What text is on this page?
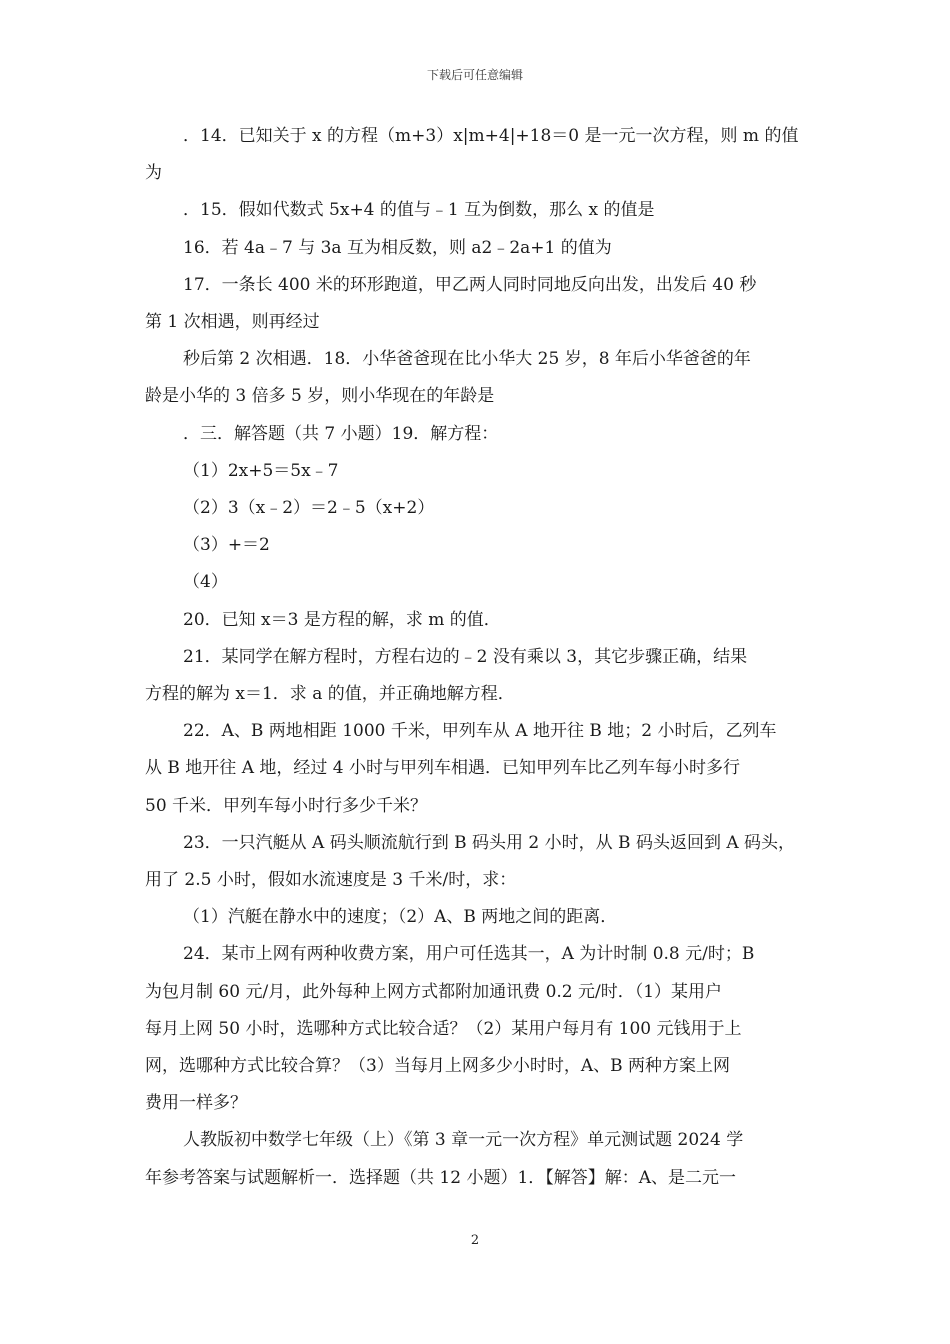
下载后可任意编辑
．14．已知关于 x 的方程（m+3）x|m+4|+18＝0 是一元一次方程，则 m 的值
为
．15．假如代数式 5x+4 的值与﹣1 互为倒数，那么 x 的值是
16．若 4a﹣7 与 3a 互为相反数，则 a2﹣2a+1 的值为
17．一条长 400 米的环形跑道，甲乙两人同时同地反向出发，出发后 40 秒
第 1 次相遇，则再经过
秒后第 2 次相遇．18．小华爸爸现在比小华大 25 岁，8 年后小华爸爸的年
龄是小华的 3 倍多 5 岁，则小华现在的年龄是
．三．解答题（共 7 小题）19．解方程：
（1）2x+5＝5x﹣7
（2）3（x﹣2）＝2﹣5（x+2）
（3）+＝2
（4）
20．已知 x＝3 是方程的解，求 m 的值．
21．某同学在解方程时，方程右边的﹣2 没有乘以 3，其它步骤正确，结果
方程的解为 x＝1．求 a 的值，并正确地解方程．
22．A、B 两地相距 1000 千米，甲列车从 A 地开往 B 地；2 小时后，乙列车
从 B 地开往 A 地，经过 4 小时与甲列车相遇．已知甲列车比乙列车每小时多行
50 千米．甲列车每小时行多少千米？
23．一只汽艇从 A 码头顺流航行到 B 码头用 2 小时，从 B 码头返回到 A 码头，
用了 2.5 小时，假如水流速度是 3 千米/时，求：
（1）汽艇在静水中的速度；（2）A、B 两地之间的距离．
24．某市上网有两种收费方案，用户可任选其一，A 为计时制 0.8 元/时；B
为包月制 60 元/月，此外每种上网方式都附加通讯费 0.2 元/时．（1）某用户
每月上网 50 小时，选哪种方式比较合适？（2）某用户每月有 100 元钱用于上
网，选哪种方式比较合算？（3）当每月上网多少小时时，A、B 两种方案上网
费用一样多？
人教版初中数学七年级（上）《第 3 章一元一次方程》单元测试题 2024 学
年参考答案与试题解析一．选择题（共 12 小题）1．【解答】解：A、是二元一
2
